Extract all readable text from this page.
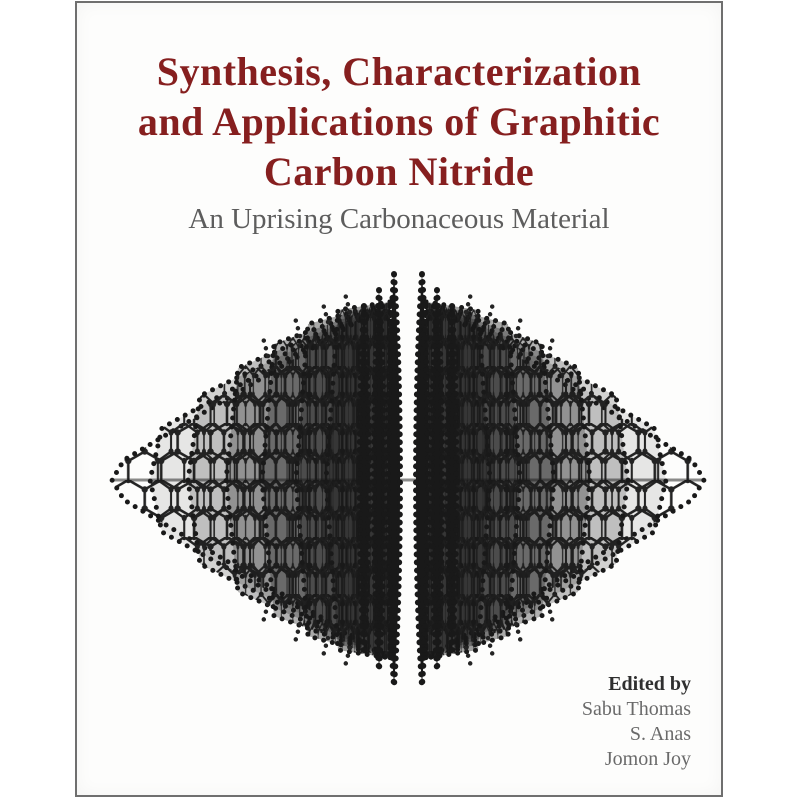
Synthesis, Characterization
and Applications of Graphitic
Carbon Nitride
An Uprising Carbonaceous Material
Edited by
Sabu Thomas
S. Anas
Jomon Joy
